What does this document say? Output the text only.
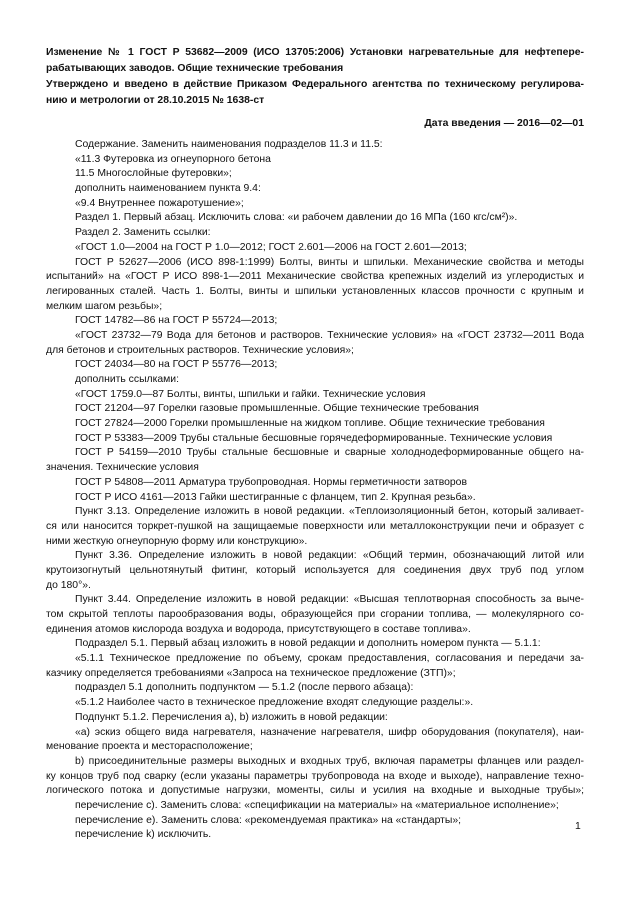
Изменение № 1 ГОСТ Р 53682—2009 (ИСО 13705:2006) Установки нагревательные для нефтепере-
рабатывающих заводов. Общие технические требования
Утверждено и введено в действие Приказом Федерального агентства по техническому регулирова-
нию и метрологии от 28.10.2015 № 1638-ст
Дата введения — 2016—02—01
Содержание. Заменить наименования подразделов 11.3 и 11.5:
«11.3 Футеровка из огнеупорного бетона
11.5 Многослойные футеровки»;
дополнить наименованием пункта 9.4:
«9.4 Внутреннее пожаротушение»;
Раздел 1. Первый абзац. Исключить слова: «и рабочем давлении до 16 МПа (160 кгс/см²)».
Раздел 2. Заменить ссылки:
«ГОСТ 1.0—2004 на ГОСТ Р 1.0—2012; ГОСТ 2.601—2006 на ГОСТ 2.601—2013;
ГОСТ Р 52627—2006 (ИСО 898-1:1999) Болты, винты и шпильки. Механические свойства и методы
испытаний» на «ГОСТ Р ИСО 898-1—2011 Механические свойства крепежных изделий из углеродистых и
легированных сталей. Часть 1. Болты, винты и шпильки установленных классов прочности с крупным и
мелким шагом резьбы»;
ГОСТ 14782—86 на ГОСТ Р 55724—2013;
«ГОСТ 23732—79 Вода для бетонов и растворов. Технические условия» на «ГОСТ 23732—2011 Вода
для бетонов и строительных растворов. Технические условия»;
ГОСТ 24034—80 на ГОСТ Р 55776—2013;
дополнить ссылками:
«ГОСТ 1759.0—87 Болты, винты, шпильки и гайки. Технические условия
ГОСТ 21204—97 Горелки газовые промышленные. Общие технические требования
ГОСТ 27824—2000 Горелки промышленные на жидком топливе. Общие технические требования
ГОСТ Р 53383—2009 Трубы стальные бесшовные горячедеформированные. Технические условия
ГОСТ Р 54159—2010 Трубы стальные бесшовные и сварные холоднодеформированные общего на-
значения. Технические условия
ГОСТ Р 54808—2011 Арматура трубопроводная. Нормы герметичности затворов
ГОСТ Р ИСО 4161—2013 Гайки шестигранные с фланцем, тип 2. Крупная резьба».
Пункт 3.13. Определение изложить в новой редакции. «Теплоизоляционный бетон, который заливает-
ся или наносится торкрет-пушкой на защищаемые поверхности или металлоконструкции печи и образует с
ними жесткую огнеупорную форму или конструкцию».
Пункт 3.36. Определение изложить в новой редакции: «Общий термин, обозначающий литой или
крутоизогнутый цельнотянутый фитинг, который используется для соединения двух труб под углом
до 180°».
Пункт 3.44. Определение изложить в новой редакции: «Высшая теплотворная способность за вычe-
том скрытой теплоты парообразования воды, образующейся при сгорании топлива, — молекулярного со-
единения атомов кислорода воздуха и водорода, присутствующего в составе топлива».
Подраздел 5.1. Первый абзац изложить в новой редакции и дополнить номером пункта — 5.1.1:
«5.1.1 Техническое предложение по объему, срокам предоставления, согласования и передачи за-
казчику определяется требованиями «Запроса на техническое предложение (ЗТП)»;
подраздел 5.1 дополнить подпунктом — 5.1.2 (после первого абзаца):
«5.1.2 Наиболее часто в техническое предложение входят следующие разделы:».
Подпункт 5.1.2. Перечисления а), b) изложить в новой редакции:
«а) эскиз общего вида нагревателя, назначение нагревателя, шифр оборудования (покупателя), наи-
менование проекта и месторасположение;
b) присоединительные размеры выходных и входных труб, включая параметры фланцев или раздел-
ку концов труб под сварку (если указаны параметры трубопровода на входе и выходе), направление техно-
логического потока и допустимые нагрузки, моменты, силы и усилия на входные и выходные трубы»;
перечисление с). Заменить слова: «спецификации на материалы» на «материальное исполнение»;
перечисление е). Заменить слова: «рекомендуемая практика» на «стандарты»;
перечисление k) исключить.
1
